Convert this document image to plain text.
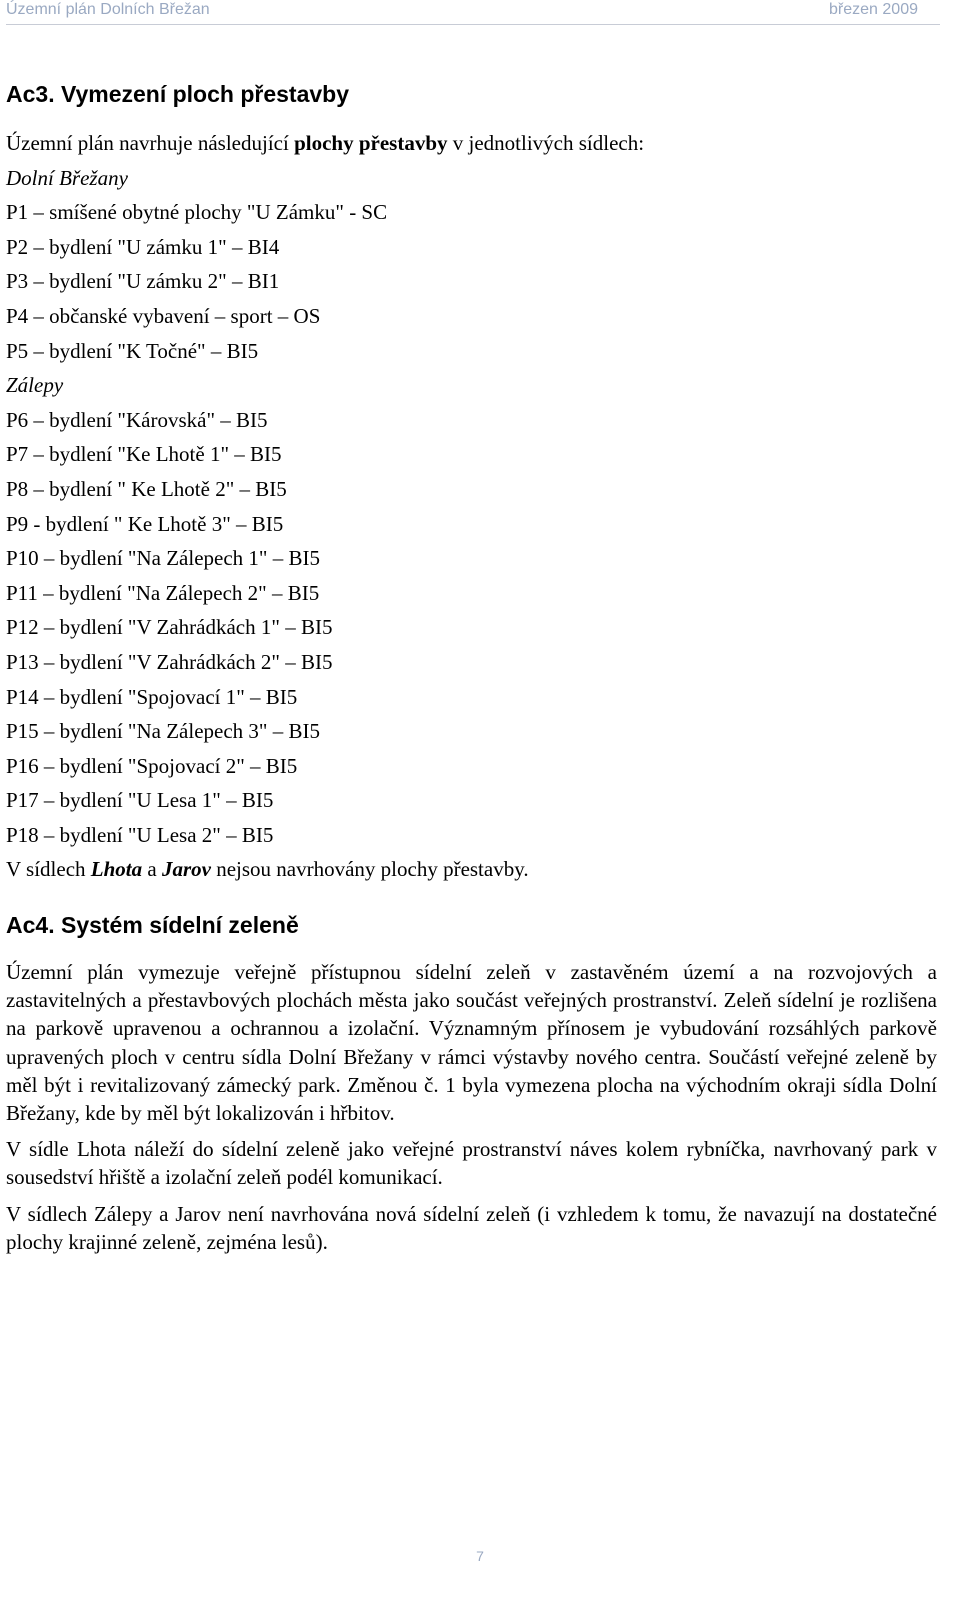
Územní plán Dolních Břežan	březen 2009
Ac3. Vymezení ploch přestavby
Územní plán navrhuje následující plochy přestavby v jednotlivých sídlech:
Dolní Břežany
P1 – smíšené obytné plochy "U Zámku" - SC
P2 – bydlení "U zámku 1" – BI4
P3 – bydlení "U zámku 2" – BI1
P4 – občanské vybavení – sport – OS
P5 – bydlení "K Točné" – BI5
Zálepy
P6 – bydlení "Károvská" – BI5
P7 – bydlení "Ke Lhotě 1" – BI5
P8 – bydlení " Ke Lhotě 2" – BI5
P9 - bydlení " Ke Lhotě 3" – BI5
P10 – bydlení "Na Zálepech 1" – BI5
P11 – bydlení "Na Zálepech 2" – BI5
P12 – bydlení "V Zahrádkách 1" – BI5
P13 – bydlení "V Zahrádkách 2" – BI5
P14 – bydlení "Spojovací 1" – BI5
P15 – bydlení "Na Zálepech 3" – BI5
P16 – bydlení "Spojovací 2" – BI5
P17 – bydlení "U Lesa 1" – BI5
P18 – bydlení "U Lesa 2" – BI5
V sídlech Lhota a Jarov nejsou navrhovány plochy přestavby.
Ac4. Systém sídelní zeleně

Územní plán vymezuje veřejně přístupnou sídelní zeleň v zastavěném území a na rozvojových a zastavitelných a přestavbových plochách města jako součást veřejných prostranství. Zeleň sídelní je rozlišena na parkově upravenou a ochrannou a izolační. Významným přínosem je vybudování rozsáhlých parkově upravených ploch v centru sídla Dolní Břežany v rámci výstavby nového centra. Součástí veřejné zeleně by měl být i revitalizovaný zámecký park. Změnou č. 1 byla vymezena plocha na východním okraji sídla Dolní Břežany, kde by měl být lokalizován i hřbitov.

V sídle Lhota náleží do sídelní zeleně jako veřejné prostranství náves kolem rybníčka, navrhovaný park v sousedství hřiště a izolační zeleň podél komunikací.

V sídlech Zálepy a Jarov není navrhována nová sídelní zeleň (i vzhledem k tomu, že navazují na dostatečné plochy krajinné zeleně, zejména lesů).

7
